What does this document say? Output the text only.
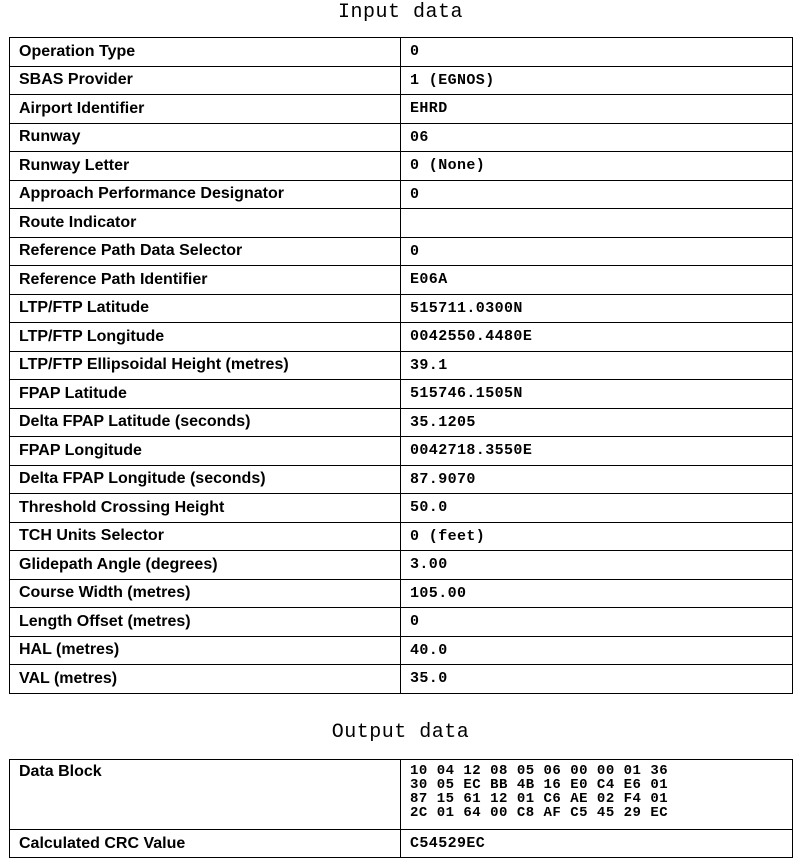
Input data
Operation Type	0
SBAS Provider	1 (EGNOS)
Airport Identifier	EHRD
Runway	06
Runway Letter	0 (None)
Approach Performance Designator	0
Route Indicator	
Reference Path Data Selector	0
Reference Path Identifier	E06A
LTP/FTP Latitude	515711.0300N
LTP/FTP Longitude	0042550.4480E
LTP/FTP Ellipsoidal Height (metres)	39.1
FPAP Latitude	515746.1505N
Delta FPAP Latitude (seconds)	35.1205
FPAP Longitude	0042718.3550E
Delta FPAP Longitude (seconds)	87.9070
Threshold Crossing Height	50.0
TCH Units Selector	0 (feet)
Glidepath Angle (degrees)	3.00
Course Width (metres)	105.00
Length Offset (metres)	0
HAL (metres)	40.0
VAL (metres)	35.0
Output data
Data Block	10 04 12 08 05 06 00 00 01 36
30 05 EC BB 4B 16 E0 C4 E6 01
87 15 61 12 01 C6 AE 02 F4 01
2C 01 64 00 C8 AF C5 45 29 EC

Calculated CRC Value	C54529EC
